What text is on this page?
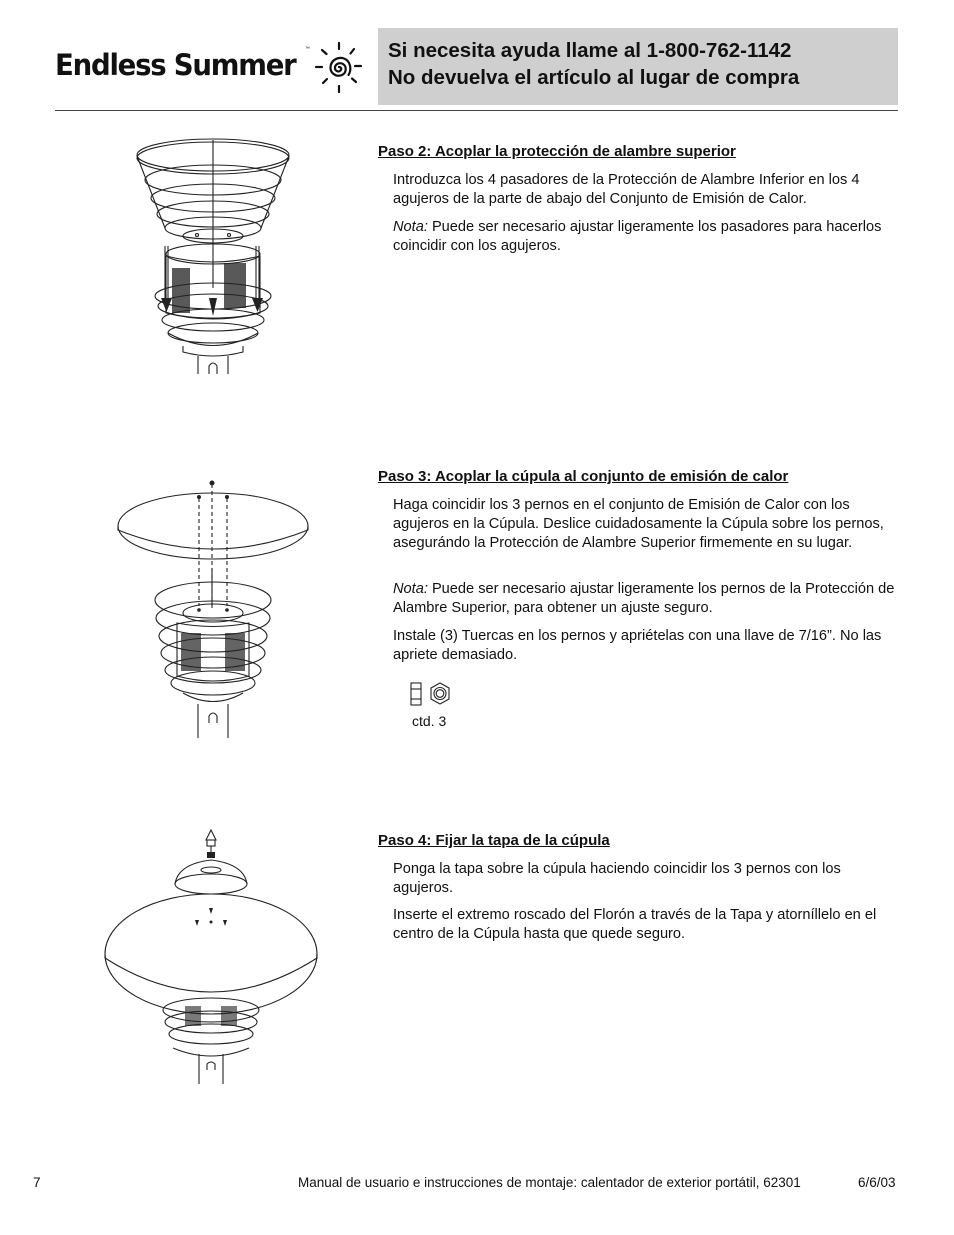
Endless Summer ™	Si necesita ayuda llame al 1-800-762-1142
No devuelva el artículo al lugar de compra
Paso 2: Acoplar la protección de alambre superior

Introduzca los 4 pasadores de la Protección de Alambre Inferior en los 4 agujeros de la parte de abajo del Conjunto de Emisión de Calor.

Nota: Puede ser necesario ajustar ligeramente los pasadores para hacerlos coincidir con los agujeros.

Paso 3: Acoplar la cúpula al conjunto de emisión de calor

Haga coincidir los 3 pernos en el conjunto de Emisión de Calor con los agujeros en la Cúpula. Deslice cuidadosamente la Cúpula sobre los pernos, asegurándo la Protección de Alambre Superior firmemente en su lugar.

Nota: Puede ser necesario ajustar ligeramente los pernos de la Protección de Alambre Superior, para obtener un ajuste seguro.

Instale (3) Tuercas en los pernos y apriételas con una llave de 7/16”. No las apriete demasiado.

ctd. 3
Paso 4: Fijar la tapa de la cúpula

Ponga la tapa sobre la cúpula haciendo coincidir los 3 pernos con los agujeros.

Inserte el extremo roscado del Florón a través de la Tapa y atorníllelo en el centro de la Cúpula hasta que quede seguro.

7	Manual de usuario e instrucciones de montaje: calentador de exterior portátil, 62301	6/6/03
